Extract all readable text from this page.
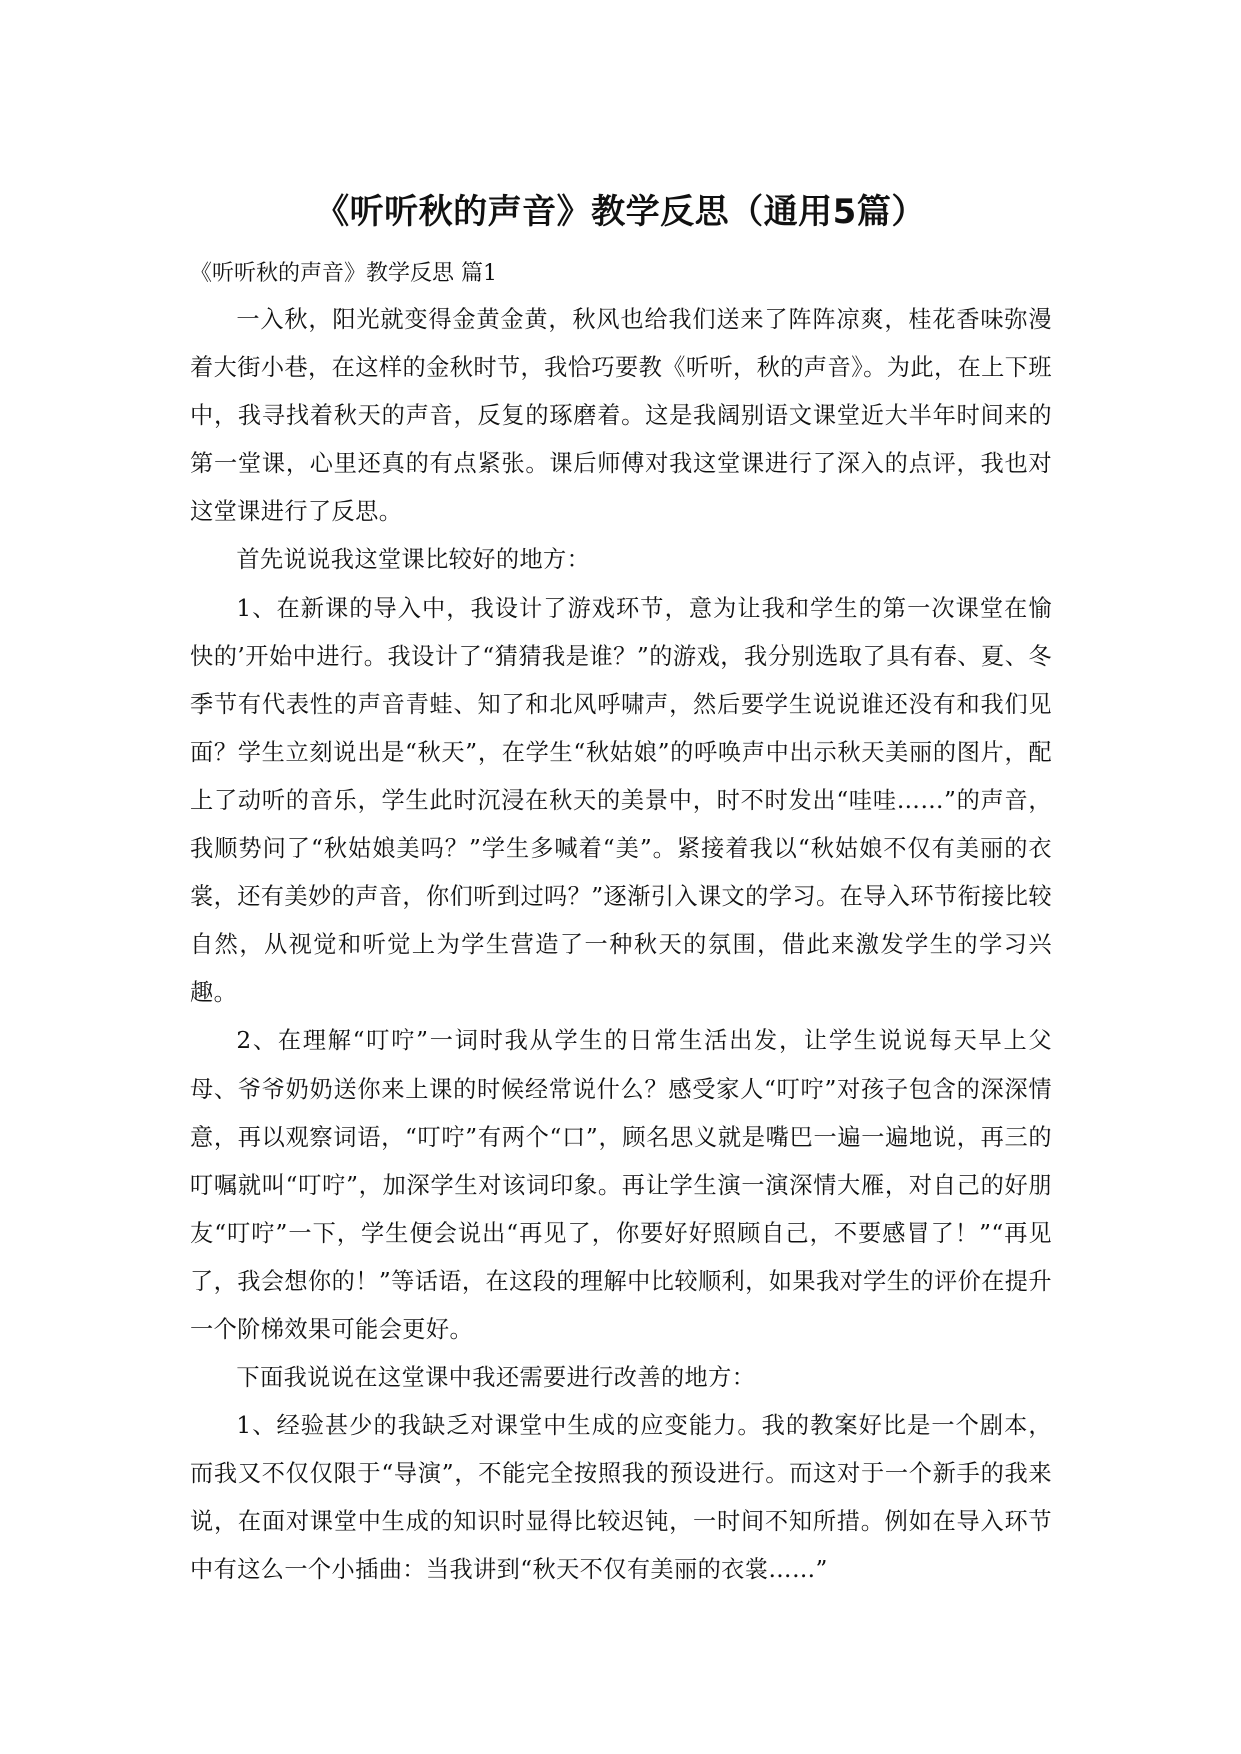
《听听秋的声音》教学反思（通用5篇）

《听听秋的声音》教学反思 篇1

一入秋，阳光就变得金黄金黄，秋风也给我们送来了阵阵凉爽，桂花香味弥漫着大街小巷，在这样的金秋时节，我恰巧要教《听听，秋的声音》。为此，在上下班中，我寻找着秋天的声音，反复的琢磨着。这是我阔别语文课堂近大半年时间来的第一堂课，心里还真的有点紧张。课后师傅对我这堂课进行了深入的点评，我也对这堂课进行了反思。

首先说说我这堂课比较好的地方：

1、在新课的导入中，我设计了游戏环节，意为让我和学生的第一次课堂在愉快的’开始中进行。我设计了“猜猜我是谁？”的游戏，我分别选取了具有春、夏、冬季节有代表性的声音青蛙、知了和北风呼啸声，然后要学生说说谁还没有和我们见面？学生立刻说出是“秋天”，在学生“秋姑娘”的呼唤声中出示秋天美丽的图片，配上了动听的音乐，学生此时沉浸在秋天的美景中，时不时发出“哇哇……”的声音，我顺势问了“秋姑娘美吗？”学生多喊着“美”。紧接着我以“秋姑娘不仅有美丽的衣裳，还有美妙的声音，你们听到过吗？”逐渐引入课文的学习。在导入环节衔接比较自然，从视觉和听觉上为学生营造了一种秋天的氛围，借此来激发学生的学习兴趣。

2、在理解“叮咛”一词时我从学生的日常生活出发，让学生说说每天早上父母、爷爷奶奶送你来上课的时候经常说什么？感受家人“叮咛”对孩子包含的深深情意，再以观察词语，“叮咛”有两个“口”，顾名思义就是嘴巴一遍一遍地说，再三的叮嘱就叫“叮咛”，加深学生对该词印象。再让学生演一演深情大雁，对自己的好朋友“叮咛”一下，学生便会说出“再见了，你要好好照顾自己，不要感冒了！”“再见了，我会想你的！”等话语，在这段的理解中比较顺利，如果我对学生的评价在提升一个阶梯效果可能会更好。

下面我说说在这堂课中我还需要进行改善的地方：

1、经验甚少的我缺乏对课堂中生成的应变能力。我的教案好比是一个剧本，而我又不仅仅限于“导演”，不能完全按照我的预设进行。而这对于一个新手的我来说，在面对课堂中生成的知识时显得比较迟钝，一时间不知所措。例如在导入环节中有这么一个小插曲：当我讲到“秋天不仅有美丽的衣裳……”
